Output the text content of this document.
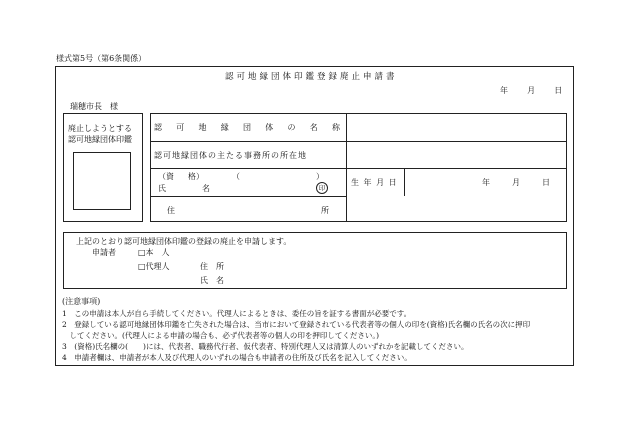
様式第5号（第6条関係）
認可地縁団体印鑑登録廃止申請書
年 月 日
瑞穂市長　様
廃止しようとする
認可地縁団体印鑑
認 可 地 縁 団 体 の 名 称
認可地縁団体の主たる事務所の所在地
（資 格）	（	）
氏	名	印
生 年 月 日	年	月	日
住	所
上記のとおり認可地縁団体印鑑の登録の廃止を申請します。
申請者	□本　人
□代理人	住　所
氏　名
(注意事項)
1　この申請は本人が自ら手続してください。代理人によるときは、委任の旨を証する書面が必要です。
2　登録している認可地縁団体印鑑を亡失された場合は、当市において登録されている代表者等の個人の印を(資格)氏名欄の氏名の次に押印
　してください。(代理人による申請の場合も、必ず代表者等の個人の印を押印してください。)
3　(資格)氏名欄の(　　)には、代表者、職務代行者、仮代表者、特別代理人又は清算人のいずれかを記載してください。
4　申請者欄は、申請者が本人及び代理人のいずれの場合も申請者の住所及び氏名を記入してください。
